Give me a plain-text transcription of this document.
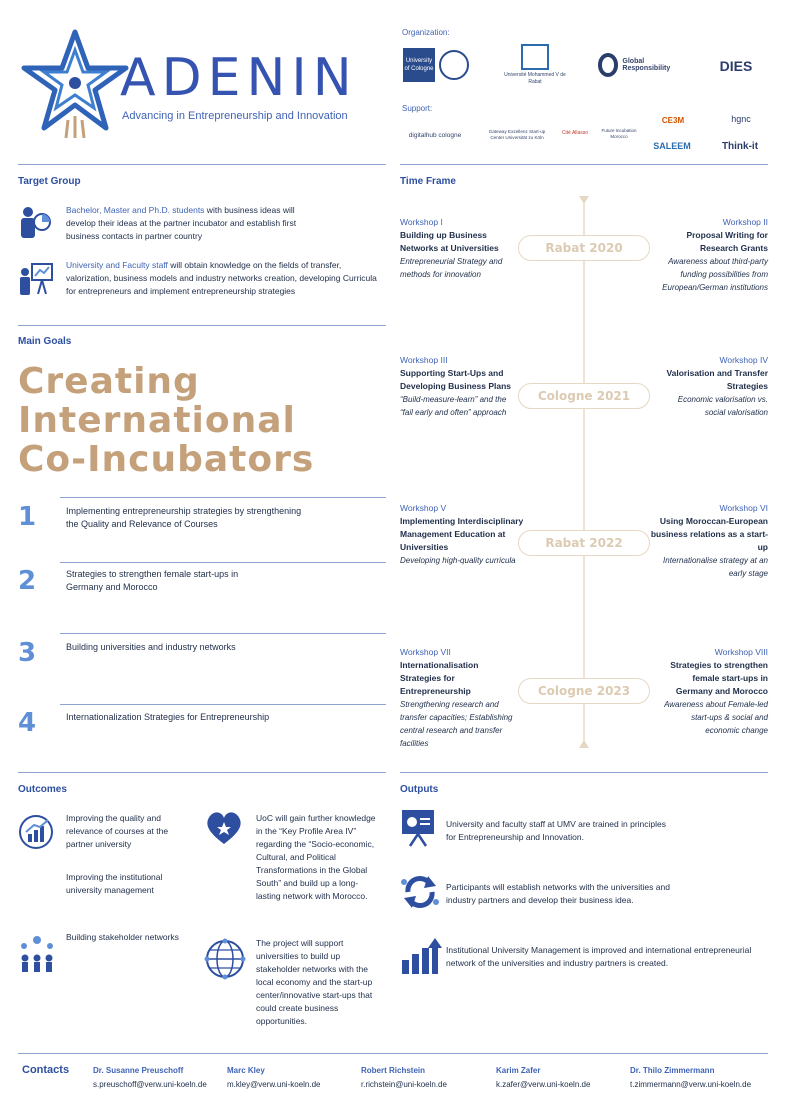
ADENIN
Advancing in Entrepreneurship and Innovation
Organization:
University of Cologne
Université Mohammed V de Rabat
Global Responsibility	DIES
Support:
digitalhub cologne	Gateway Exzellenz Start-up Center Universität zu Köln
Cité Allasso	Future Incubation Morocco
CE3M
SALEEM
hgnc
Think-it
Target Group
Bachelor, Master and Ph.D. students with business ideas will develop their ideas at the partner incubator and establish first business contacts in partner country
University and Faculty staff will obtain knowledge on the fields of transfer, valorization, business models and industry networks creation, developing Curricula for entrepreneurs and implement entrepreneurship strategies
Main Goals
Creating
International
Co-Incubators
1	Implementing entrepreneurship strategies by strengthening the Quality and Relevance of Courses
2	Strategies to strengthen female start-ups in Germany and Morocco
3	Building universities and industry networks
4	Internationalization Strategies for Entrepreneurship
Time Frame
Rabat 2020
Cologne 2021
Rabat 2022
Cologne 2023
Workshop I
Building up Business Networks at Universities
Entrepreneurial Strategy and methods for innovation
Workshop II
Proposal Writing for Research Grants
Awareness about third-party funding possibilities from European/German institutions
Workshop III
Supporting Start-Ups and Developing Business Plans
“Build-measure-learn” and the “fail early and often” approach
Workshop IV
Valorisation and Transfer Strategies
Economic valorisation vs. social valorisation
Workshop V
Implementing Interdisciplinary Management Education at Universities
Developing high-quality curricula
Workshop VI
Using Moroccan-European business relations as a start-up
Internationalise strategy at an early stage
Workshop VII
Internationalisation Strategies for Entrepreneurship
Strengthening research and transfer capacities; Establishing central research and transfer facilities
Workshop VIII
Strategies to strengthen female start-ups in Germany and Morocco
Awareness about Female-led start-ups & social and economic change
Outcomes
Improving the quality and relevance of courses at the partner university
Improving the institutional university management
Building stakeholder networks
UoC will gain further knowledge in the “Key Profile Area IV” regarding the “Socio-economic, Cultural, and Political Transformations in the Global South” and build up a long-lasting network with Morocco.
The project will support universities to build up stakeholder networks with the local economy and the start-up center/innovative start-ups that could create business opportunities.
Outputs
University and faculty staff at UMV are trained in principles for Entrepreneurship and Innovation.
Participants will establish networks with the universities and industry partners and develop their business idea.
Institutional University Management is improved and international entrepreneurial network of the universities and industry partners is created.
Contacts	Dr. Susanne Preuschoff
s.preuschoff@verw.uni-koeln.de
Marc Kley
m.kley@verw.uni-koeln.de
Robert Richstein
r.richstein@uni-koeln.de
Karim Zafer
k.zafer@verw.uni-koeln.de
Dr. Thilo Zimmermann
t.zimmermann@verw.uni-koeln.de
